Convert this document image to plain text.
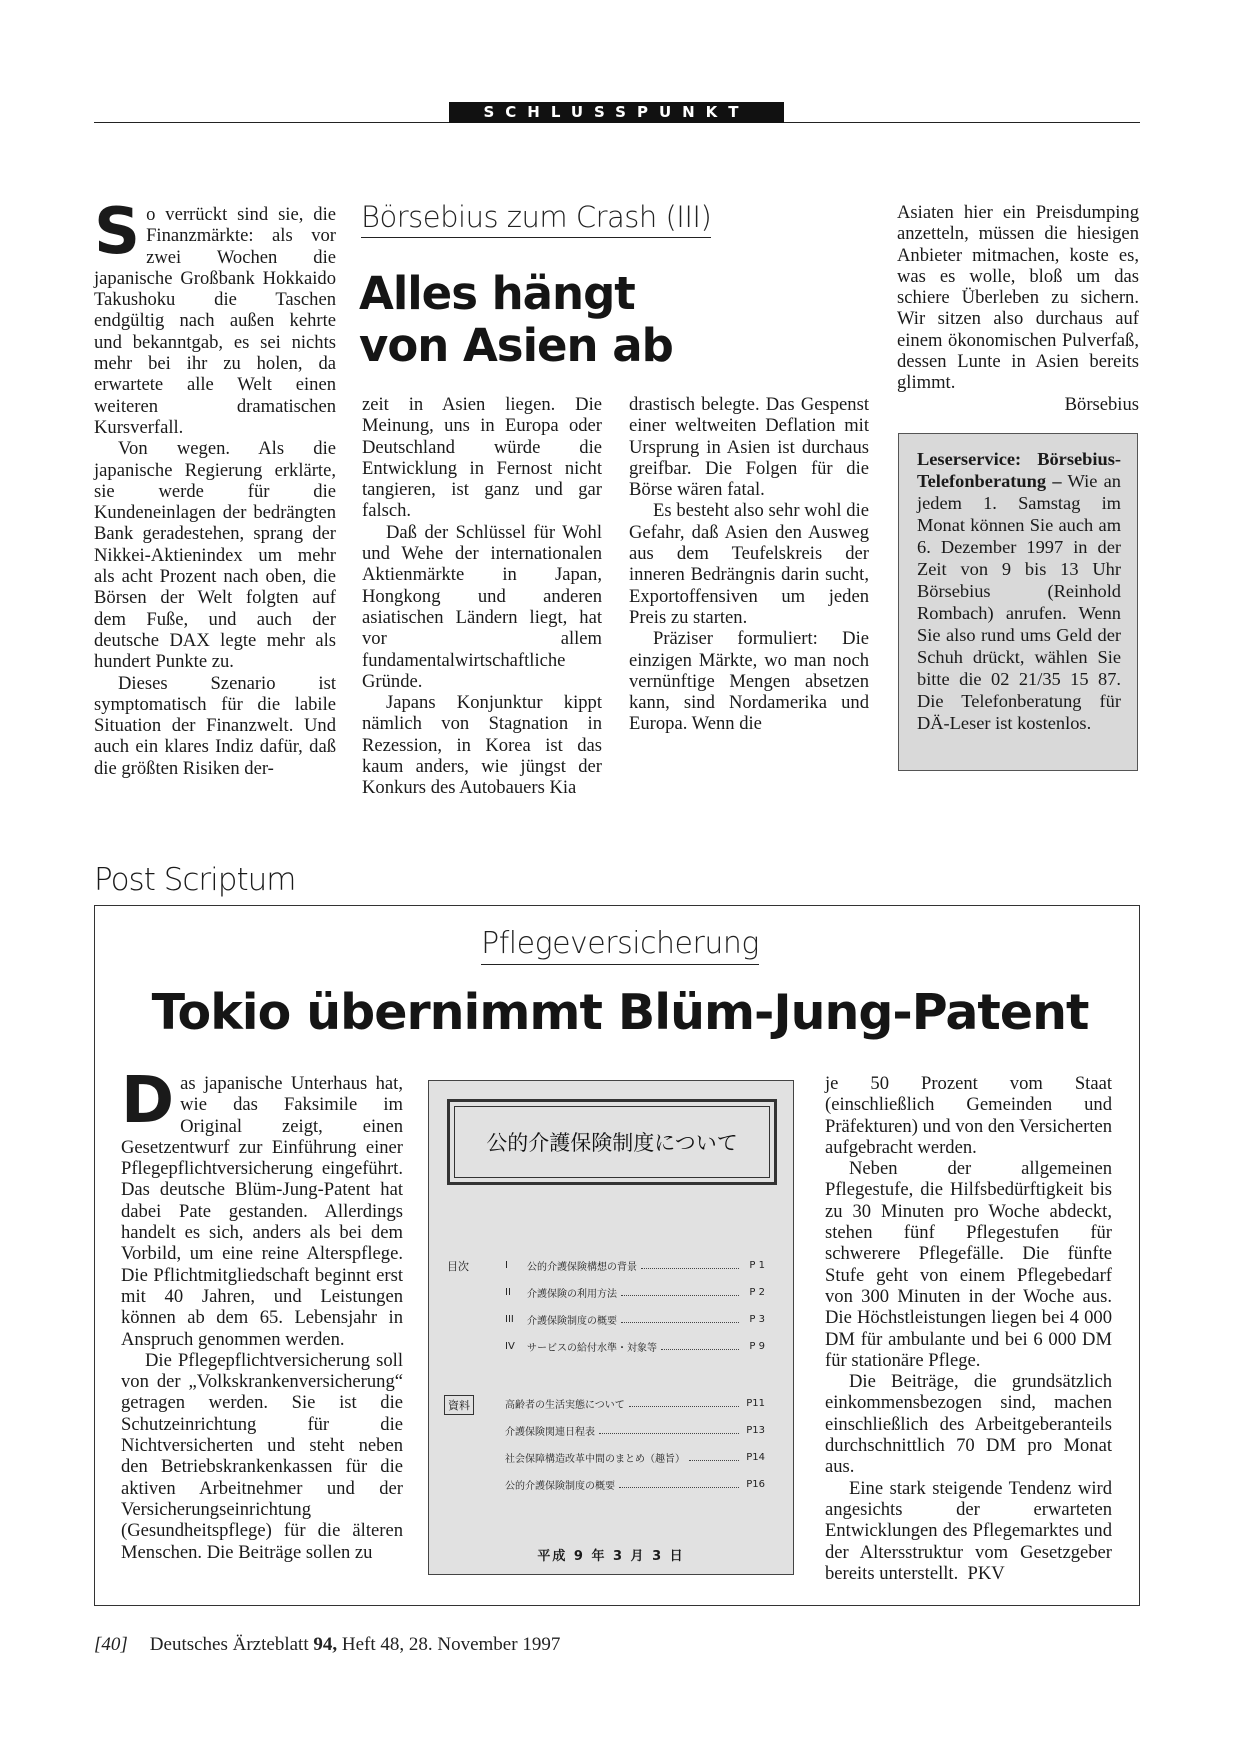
SCHLUSSPUNKT

So verrückt sind sie, die Finanzmärkte: als vor zwei Wochen die japanische Großbank Hokkaido Takushoku die Taschen endgültig nach außen kehrte und bekanntgab, es sei nichts mehr bei ihr zu holen, da erwartete alle Welt einen weiteren dramatischen Kursverfall.

Von wegen. Als die japanische Regierung erklärte, sie werde für die Kundeneinlagen der bedrängten Bank geradestehen, sprang der Nikkei-Aktienindex um mehr als acht Prozent nach oben, die Börsen der Welt folgten auf dem Fuße, und auch der deutsche DAX legte mehr als hundert Punkte zu.

Dieses Szenario ist symptomatisch für die labile Situation der Finanzwelt. Und auch ein klares Indiz dafür, daß die größten Risiken der-

Börsebius zum Crash (III)
Alles hängt
von Asien ab

zeit in Asien liegen. Die Meinung, uns in Europa oder Deutschland würde die Entwicklung in Fernost nicht tangieren, ist ganz und gar falsch.

Daß der Schlüssel für Wohl und Wehe der internationalen Aktienmärkte in Japan, Hongkong und anderen asiatischen Ländern liegt, hat vor allem fundamentalwirtschaftliche Gründe.

Japans Konjunktur kippt nämlich von Stagnation in Rezession, in Korea ist das kaum anders, wie jüngst der Konkurs des Autobauers Kia

drastisch belegte. Das Gespenst einer weltweiten Deflation mit Ursprung in Asien ist durchaus greifbar. Die Folgen für die Börse wären fatal.

Es besteht also sehr wohl die Gefahr, daß Asien den Ausweg aus dem Teufelskreis der inneren Bedrängnis darin sucht, Exportoffensiven um jeden Preis zu starten.

Präziser formuliert: Die einzigen Märkte, wo man noch vernünftige Mengen absetzen kann, sind Nordamerika und Europa. Wenn die

Asiaten hier ein Preisdumping anzetteln, müssen die hiesigen Anbieter mitmachen, koste es, was es wolle, bloß um das schiere Überleben zu sichern. Wir sitzen also durchaus auf einem ökonomischen Pulverfaß, dessen Lunte in Asien bereits glimmt.

Börsebius
Leserservice: Börsebius-Telefonberatung – Wie an jedem 1. Samstag im Monat können Sie auch am 6. Dezember 1997 in der Zeit von 9 bis 13 Uhr Börsebius (Reinhold Rombach) anrufen. Wenn Sie also rund ums Geld der Schuh drückt, wählen Sie bitte die 02 21/35 15 87. Die Telefonberatung für DÄ-Leser ist kostenlos.
Post Scriptum
Pflegeversicherung
Tokio übernimmt Blüm-Jung-Patent

Das japanische Unterhaus hat, wie das Faksimile im Original zeigt, einen Gesetzentwurf zur Einführung einer Pflegepflichtversicherung eingeführt. Das deutsche Blüm-Jung-Patent hat dabei Pate gestanden. Allerdings handelt es sich, anders als bei dem Vorbild, um eine reine Alterspflege. Die Pflichtmitgliedschaft beginnt erst mit 40 Jahren, und Leistungen können ab dem 65. Lebensjahr in Anspruch genommen werden.

Die Pflegepflichtversicherung soll von der „Volkskrankenversicherung“ getragen werden. Sie ist die Schutzeinrichtung für die Nichtversicherten und steht neben den Betriebskrankenkassen für die aktiven Arbeitnehmer und der Versicherungseinrichtung (Gesundheitspflege) für die älteren Menschen. Die Beiträge sollen zu

je 50 Prozent vom Staat (einschließlich Gemeinden und Präfekturen) und von den Versicherten aufgebracht werden.

Neben der allgemeinen Pflegestufe, die Hilfsbedürftigkeit bis zu 30 Minuten pro Woche abdeckt, stehen fünf Pflegestufen für schwerere Pflegefälle. Die fünfte Stufe geht von einem Pflegebedarf von 300 Minuten in der Woche aus. Die Höchstleistungen liegen bei 4 000 DM für ambulante und bei 6 000 DM für stationäre Pflege.

Die Beiträge, die grundsätzlich einkommensbezogen sind, machen einschließlich des Arbeitgeberanteils durchschnittlich 70 DM pro Monat aus.

Eine stark steigende Tendenz wird angesichts der erwarteten Entwicklungen des Pflegemarktes und der Altersstruktur vom Gesetzgeber bereits unterstellt. PKV

公的介護保険制度について
目次	I	公的介護保険構想の背景	P 1
II	介護保険の利用方法	P 2
III	介護保険制度の概要	P 3
IV	サービスの給付水準・対象等	P 9
資料	高齢者の生活実態について	P11
介護保険関連日程表	P13
社会保障構造改革中間のまとめ（趣旨）	P14
公的介護保険制度の概要	P16
平成 9 年 3 月 3 日
[40] Deutsches Ärzteblatt 94, Heft 48, 28. November 1997
